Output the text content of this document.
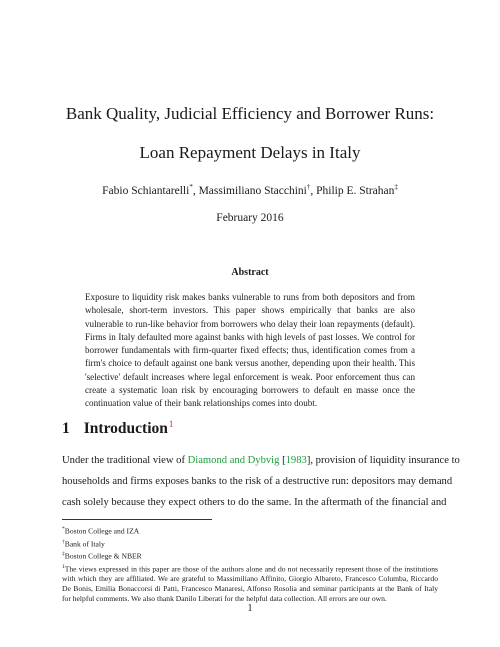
Bank Quality, Judicial Efficiency and Borrower Runs:
Loan Repayment Delays in Italy
Fabio Schiantarelli*, Massimiliano Stacchini†, Philip E. Strahan‡
February 2016
Abstract
Exposure to liquidity risk makes banks vulnerable to runs from both depositors and from wholesale, short-term investors. This paper shows empirically that banks are also vulnerable to run-like behavior from borrowers who delay their loan repayments (default). Firms in Italy defaulted more against banks with high levels of past losses. We control for borrower fundamentals with firm-quarter fixed effects; thus, identification comes from a firm's choice to default against one bank versus another, depending upon their health. This 'selective' default increases where legal enforcement is weak. Poor enforcement thus can create a systematic loan risk by encouraging borrowers to default en masse once the continuation value of their bank relationships comes into doubt.
1 Introduction$^1$
Under the traditional view of Diamond and Dybvig [1983], provision of liquidity insurance to
households and firms exposes banks to the risk of a destructive run: depositors may demand
cash solely because they expect others to do the same. In the aftermath of the financial and
*Boston College and IZA
†Bank of Italy
‡Boston College & NBER
$^1$The views expressed in this paper are those of the authors alone and do not necessarily represent those of the institutions with which they are affiliated. We are grateful to Massimiliano Affinito, Giorgio Albareto, Francesco Columba, Riccardo De Bonis, Emilia Bonaccorsi di Patti, Francesco Manaresi, Alfonso Rosolia and seminar participants at the Bank of Italy for helpful comments. We also thank Danilo Liberati for the helpful data collection. All errors are our own.
1
